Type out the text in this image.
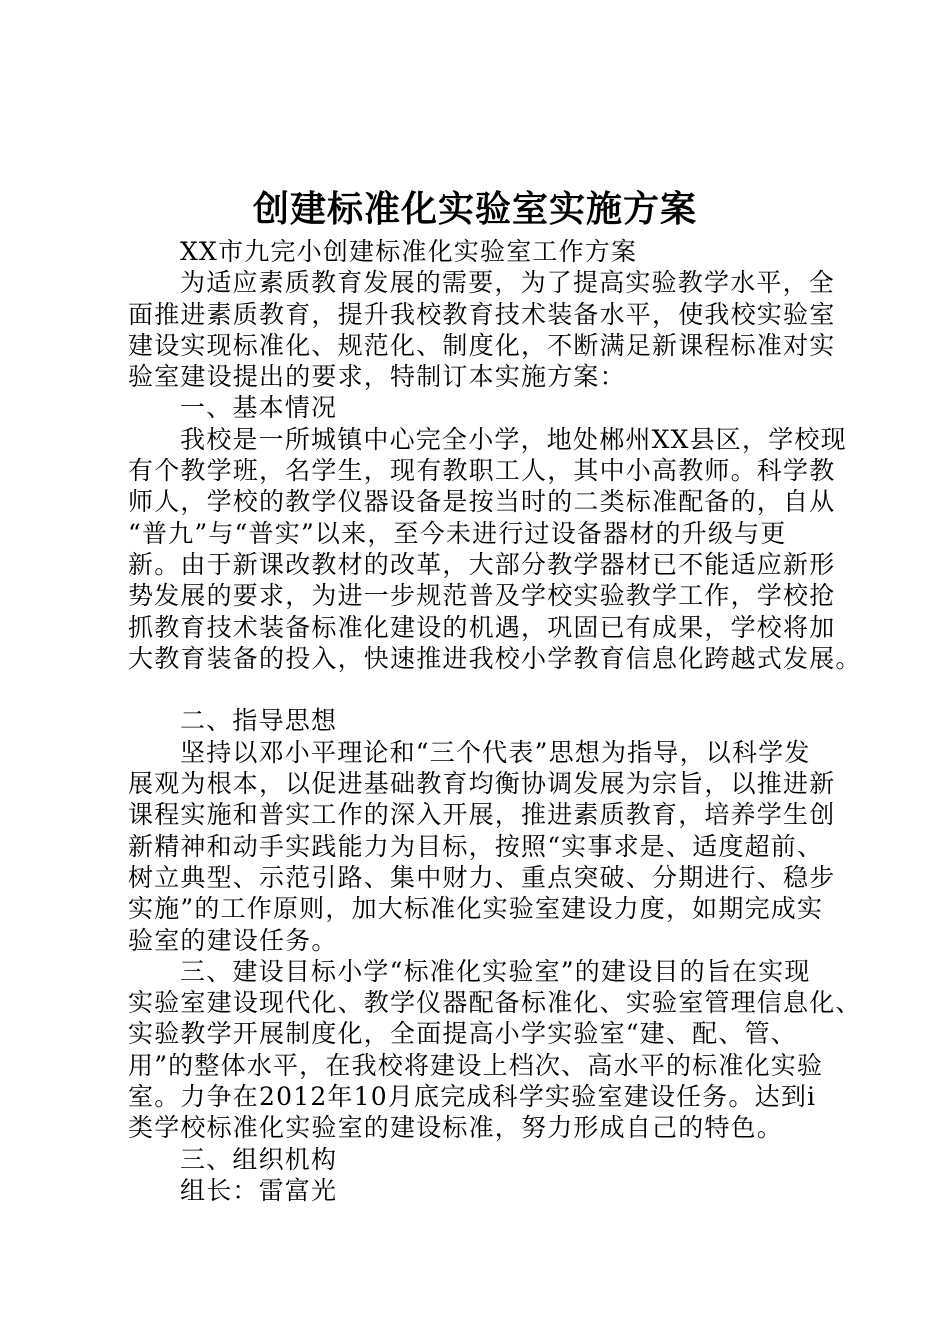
创建标准化实验室实施方案
XX市九完小创建标准化实验室工作方案
为适应素质教育发展的需要，为了提高实验教学水平，全
面推进素质教育，提升我校教育技术装备水平，使我校实验室
建设实现标准化、规范化、制度化，不断满足新课程标准对实
验室建设提出的要求，特制订本实施方案：
一、基本情况
我校是一所城镇中心完全小学，地处郴州XX县区，学校现
有个教学班，名学生，现有教职工人，其中小高教师。科学教
师人，学校的教学仪器设备是按当时的二类标准配备的，自从
“普九”与“普实”以来，至今未进行过设备器材的升级与更
新。由于新课改教材的改革，大部分教学器材已不能适应新形
势发展的要求，为进一步规范普及学校实验教学工作，学校抢
抓教育技术装备标准化建设的机遇，巩固已有成果，学校将加
大教育装备的投入，快速推进我校小学教育信息化跨越式发展。
二、指导思想
坚持以邓小平理论和“三个代表”思想为指导，以科学发
展观为根本，以促进基础教育均衡协调发展为宗旨，以推进新
课程实施和普实工作的深入开展，推进素质教育，培养学生创
新精神和动手实践能力为目标，按照“实事求是、适度超前、
树立典型、示范引路、集中财力、重点突破、分期进行、稳步
实施”的工作原则，加大标准化实验室建设力度，如期完成实
验室的建设任务。
三、建设目标小学“标准化实验室”的建设目的旨在实现
实验室建设现代化、教学仪器配备标准化、实验室管理信息化、
实验教学开展制度化，全面提高小学实验室“建、配、管、
用”的整体水平，在我校将建设上档次、高水平的标准化实验
室。力争在2012年10月底完成科学实验室建设任务。达到i
类学校标准化实验室的建设标准，努力形成自己的特色。
三、组织机构
组长：雷富光
